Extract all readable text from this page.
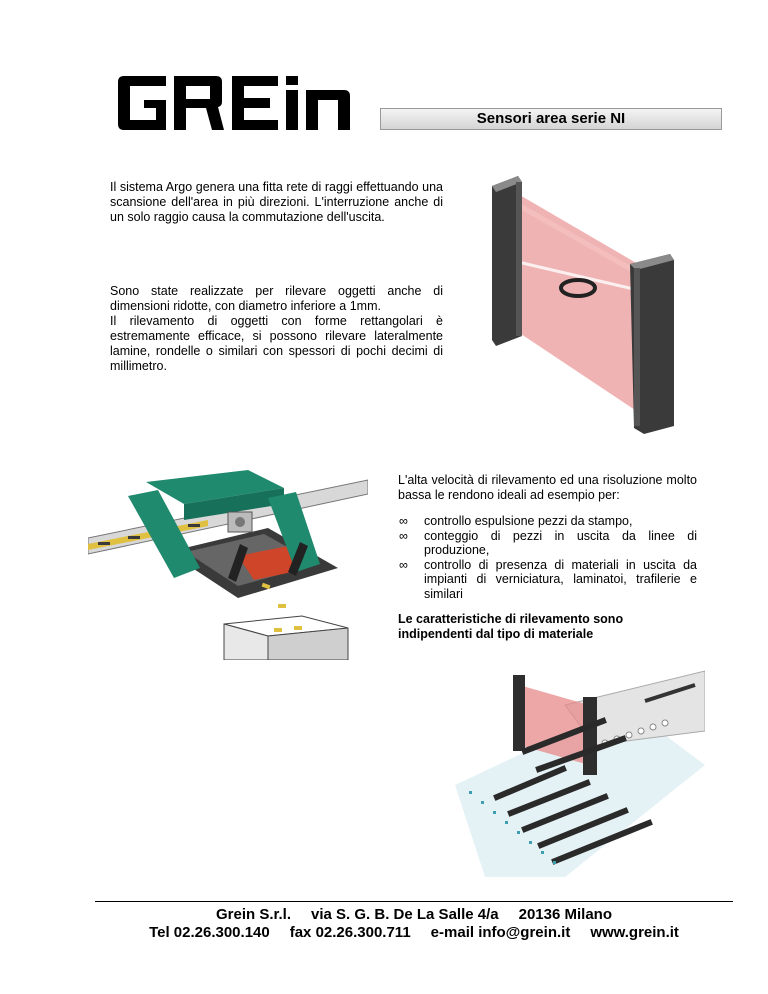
Sensori area serie NI
Il sistema Argo genera una fitta rete di raggi effettuando una scansione dell'area in più direzioni. L'interruzione anche di un solo raggio causa la commutazione dell'uscita.
Sono state realizzate per rilevare oggetti anche di dimensioni ridotte, con diametro inferiore a 1mm.
Il rilevamento di oggetti con forme rettangolari è estremamente efficace, si possono rilevare lateralmente lamine, rondelle o similari con spessori di pochi decimi di millimetro.
L'alta velocità di rilevamento ed una risoluzione molto bassa le rendono ideali ad esempio per:
∞ controllo espulsione pezzi da stampo,
∞ conteggio di pezzi in uscita da linee di produzione,
∞ controllo di presenza di materiali in uscita da impianti di verniciatura, laminatoi, trafilerie e similari
Le caratteristiche di rilevamento sono indipendenti dal tipo di materiale
Grein S.r.l. via S. G. B. De La Salle 4/a 20136 Milano
Tel 02.26.300.140 fax 02.26.300.711 e-mail info@grein.it www.grein.it
